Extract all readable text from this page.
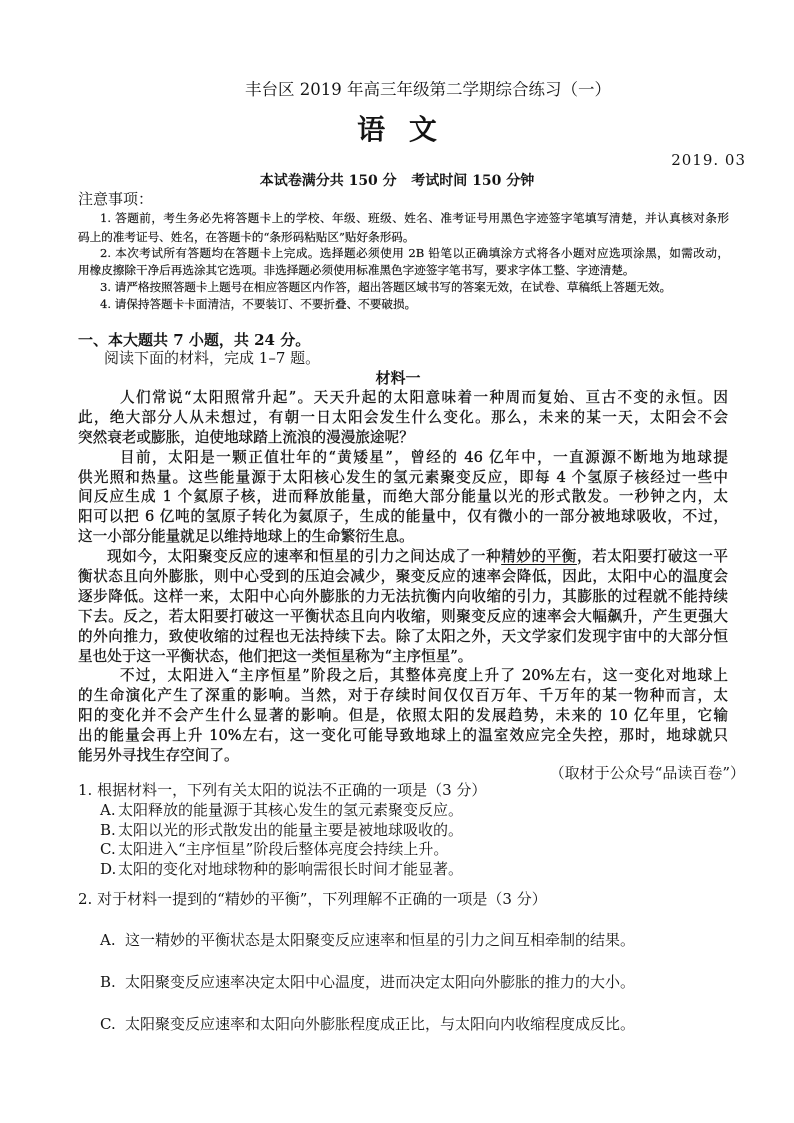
丰台区 2019 年高三年级第二学期综合练习（一）
语 文
2019. 03
本试卷满分共 150 分   考试时间 150 分钟
注意事项：
1. 答题前，考生务必先将答题卡上的学校、年级、班级、姓名、准考证号用黑色字迹签字笔填写清楚，并认真核对条形
码上的准考证号、姓名，在答题卡的“条形码粘贴区”贴好条形码。
2. 本次考试所有答题均在答题卡上完成。选择题必须使用 2B 铅笔以正确填涂方式将各小题对应选项涂黑，如需改动，
用橡皮擦除干净后再选涂其它选项。非选择题必须使用标准黑色字迹签字笔书写，要求字体工整、字迹清楚。
3. 请严格按照答题卡上题号在相应答题区内作答，超出答题区域书写的答案无效，在试卷、草稿纸上答题无效。
4. 请保持答题卡卡面清洁，不要装订、不要折叠、不要破损。
一、本大题共 7 小题，共 24 分。
阅读下面的材料，完成 1–7 题。
材料一
人们常说“太阳照常升起”。天天升起的太阳意味着一种周而复始、亘古不变的永恒。因
此，绝大部分人从未想过，有朝一日太阳会发生什么变化。那么，未来的某一天，太阳会不会
突然衰老或膨胀，迫使地球踏上流浪的漫漫旅途呢？
目前，太阳是一颗正值壮年的“黄矮星”，曾经的 46 亿年中，一直源源不断地为地球提
供光照和热量。这些能量源于太阳核心发生的氢元素聚变反应，即每 4 个氢原子核经过一些中
间反应生成 1 个氦原子核，进而释放能量，而绝大部分能量以光的形式散发。一秒钟之内，太
阳可以把 6 亿吨的氢原子转化为氦原子，生成的能量中，仅有微小的一部分被地球吸收，不过，
这一小部分能量就足以维持地球上的生命繁衍生息。
现如今，太阳聚变反应的速率和恒星的引力之间达成了一种精妙的平衡，若太阳要打破这一平
衡状态且向外膨胀，则中心受到的压迫会减少，聚变反应的速率会降低，因此，太阳中心的温度会
逐步降低。这样一来，太阳中心向外膨胀的力无法抗衡内向收缩的引力，其膨胀的过程就不能持续
下去。反之，若太阳要打破这一平衡状态且向内收缩，则聚变反应的速率会大幅飙升，产生更强大
的外向推力，致使收缩的过程也无法持续下去。除了太阳之外，天文学家们发现宇宙中的大部分恒
星也处于这一平衡状态，他们把这一类恒星称为“主序恒星”。
不过，太阳进入“主序恒星”阶段之后，其整体亮度上升了 20%左右，这一变化对地球上
的生命演化产生了深重的影响。当然，对于存续时间仅仅百万年、千万年的某一物种而言，太
阳的变化并不会产生什么显著的影响。但是，依照太阳的发展趋势，未来的 10 亿年里，它输
出的能量会再上升 10%左右，这一变化可能导致地球上的温室效应完全失控，那时，地球就只
能另外寻找生存空间了。
（取材于公众号“品读百卷”）
1. 根据材料一，下列有关太阳的说法不正确的一项是（3 分）
A. 太阳释放的能量源于其核心发生的氢元素聚变反应。
B. 太阳以光的形式散发出的能量主要是被地球吸收的。
C. 太阳进入“主序恒星”阶段后整体亮度会持续上升。
D. 太阳的变化对地球物种的影响需很长时间才能显著。
2. 对于材料一提到的“精妙的平衡”，下列理解不正确的一项是（3 分）
A. 这一精妙的平衡状态是太阳聚变反应速率和恒星的引力之间互相牵制的结果。
B. 太阳聚变反应速率决定太阳中心温度，进而决定太阳向外膨胀的推力的大小。
C. 太阳聚变反应速率和太阳向外膨胀程度成正比，与太阳向内收缩程度成反比。
